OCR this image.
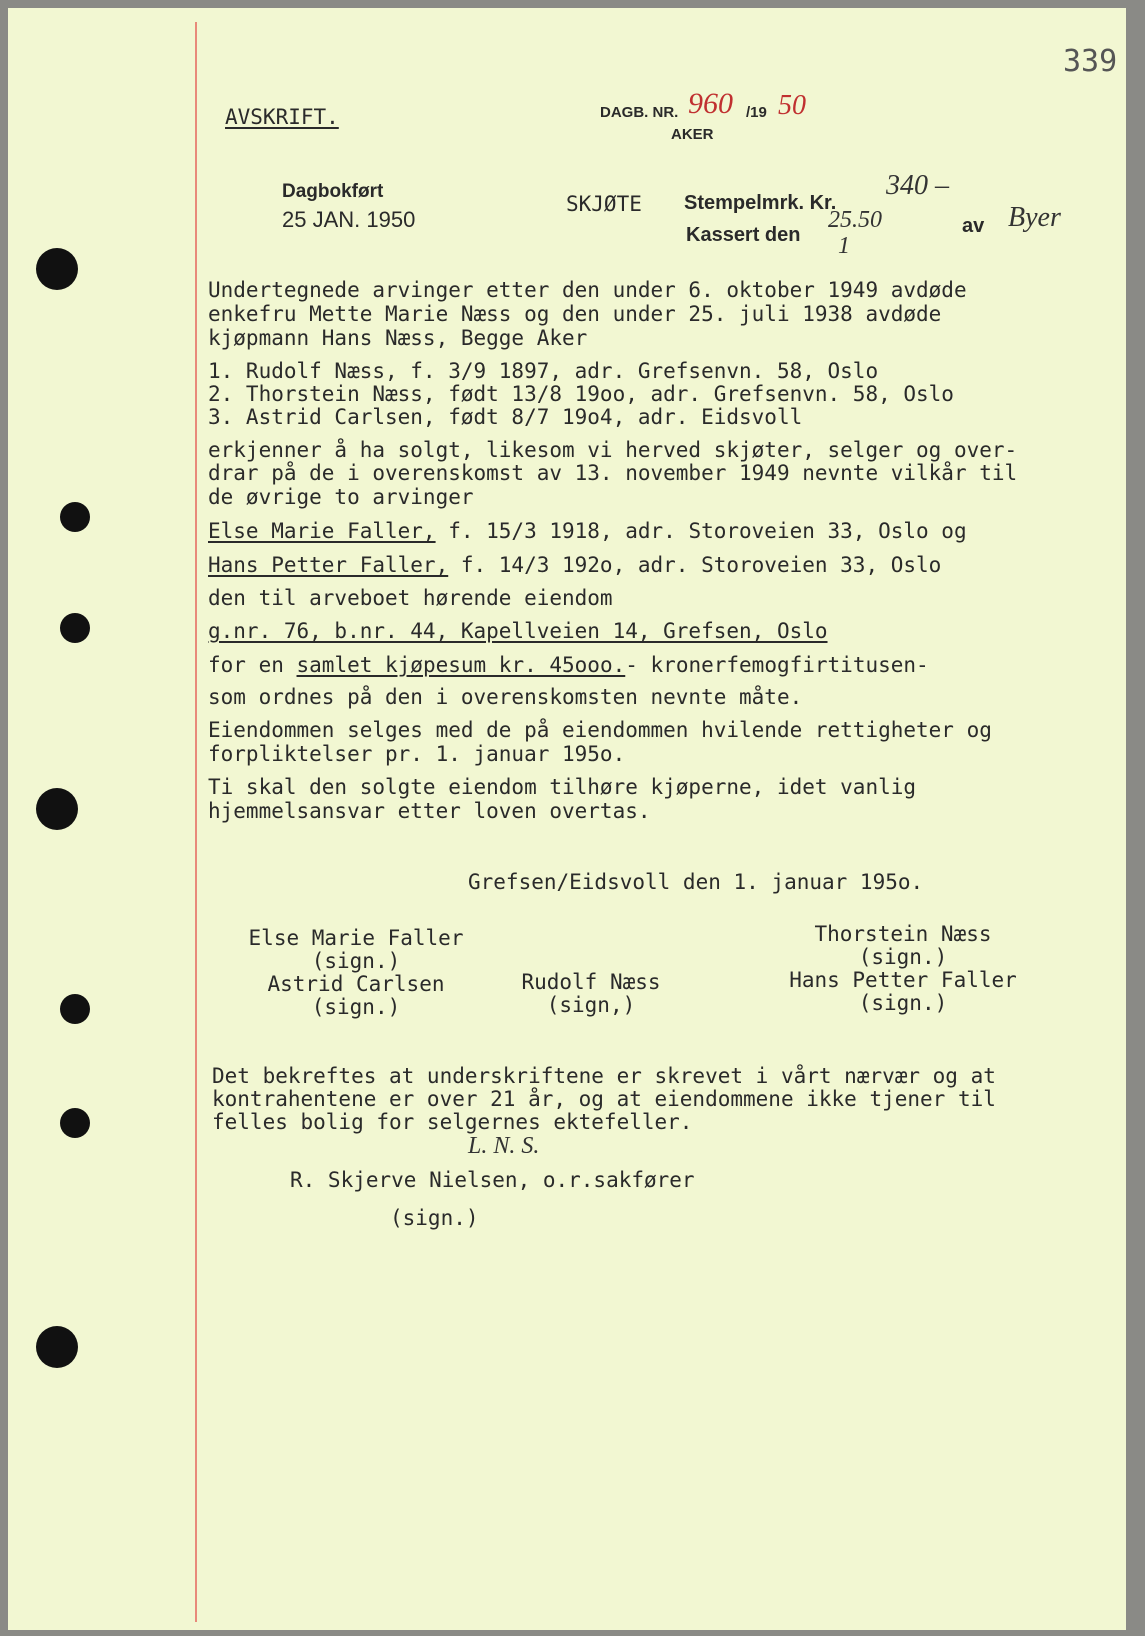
AVSKRIFT.	DAGB. NR. 960 /19 50
AKER
339
Dagbokført
25 JAN. 1950
SKJØTE Stempelmrk. Kr.
340 –
Kassert den
25.50
1
av Byer
Undertegnede arvinger etter den under 6. oktober 1949 avdøde
enkefru Mette Marie Næss og den under 25. juli 1938 avdøde
kjøpmann Hans Næss, Begge Aker
1. Rudolf Næss, f. 3/9 1897, adr. Grefsenvn. 58, Oslo
2. Thorstein Næss, født 13/8 19oo, adr. Grefsenvn. 58, Oslo
3. Astrid Carlsen, født 8/7 19o4, adr. Eidsvoll
erkjenner å ha solgt, likesom vi herved skjøter, selger og over-
drar på de i overenskomst av 13. november 1949 nevnte vilkår til
de øvrige to arvinger
Else Marie Faller, f. 15/3 1918, adr. Storoveien 33, Oslo og
Hans Petter Faller, f. 14/3 192o, adr. Storoveien 33, Oslo
den til arveboet hørende eiendom
g.nr. 76, b.nr. 44, Kapellveien 14, Grefsen, Oslo
for en samlet kjøpesum kr. 45ooo.- kronerfemogfirtitusen-
som ordnes på den i overenskomsten nevnte måte.
Eiendommen selges med de på eiendommen hvilende rettigheter og
forpliktelser pr. 1. januar 195o.
Ti skal den solgte eiendom tilhøre kjøperne, idet vanlig
hjemmelsansvar etter loven overtas.
Grefsen/Eidsvoll den 1. januar 195o.
Else Marie Faller
(sign.)
Astrid Carlsen
(sign.)
Rudolf Næss
(sign,)
Thorstein Næss
(sign.)
Hans Petter Faller
(sign.)
Det bekreftes at underskriftene er skrevet i vårt nærvær og at
kontrahentene er over 21 år, og at eiendommene ikke tjener til
felles bolig for selgernes ektefeller.
L. N. S.
R. Skjerve Nielsen, o.r.sakfører
(sign.)
